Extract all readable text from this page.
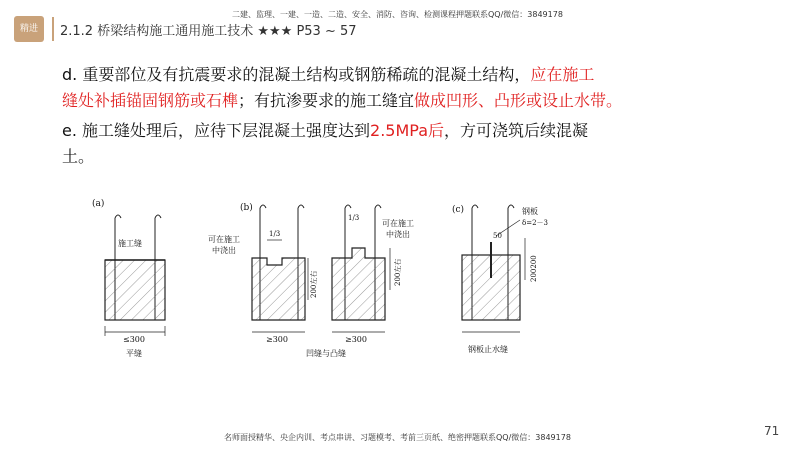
精进
二建、监理、一建、一造、二造、安全、消防、咨询、检测课程押题联系QQ/微信：3849178
2.1.2 桥梁结构施工通用施工技术 ★★★ P53 ~ 57
d. 重要部位及有抗震要求的混凝土结构或钢筋稀疏的混凝土结构，应在施工
缝处补插锚固钢筋或石榫；有抗渗要求的施工缝宜做成凹形、凸形或设止水带。
e. 施工缝处理后，应待下层混凝土强度达到2.5MPa后，方可浇筑后续混凝
土。
(a)
施工缝
≤300
平缝
(b)
可在施工
中浇出
1/3
200左右
≥300
1/3
可在施工
中浇出
200左右
≥300
凹缝与凸缝
(c)	钢板
δ=2－3
50
200200
钢板止水缝
名师面授精华、央企内训、考点串讲、习题模考、考前三页纸、绝密押题联系QQ/微信：3849178	71
